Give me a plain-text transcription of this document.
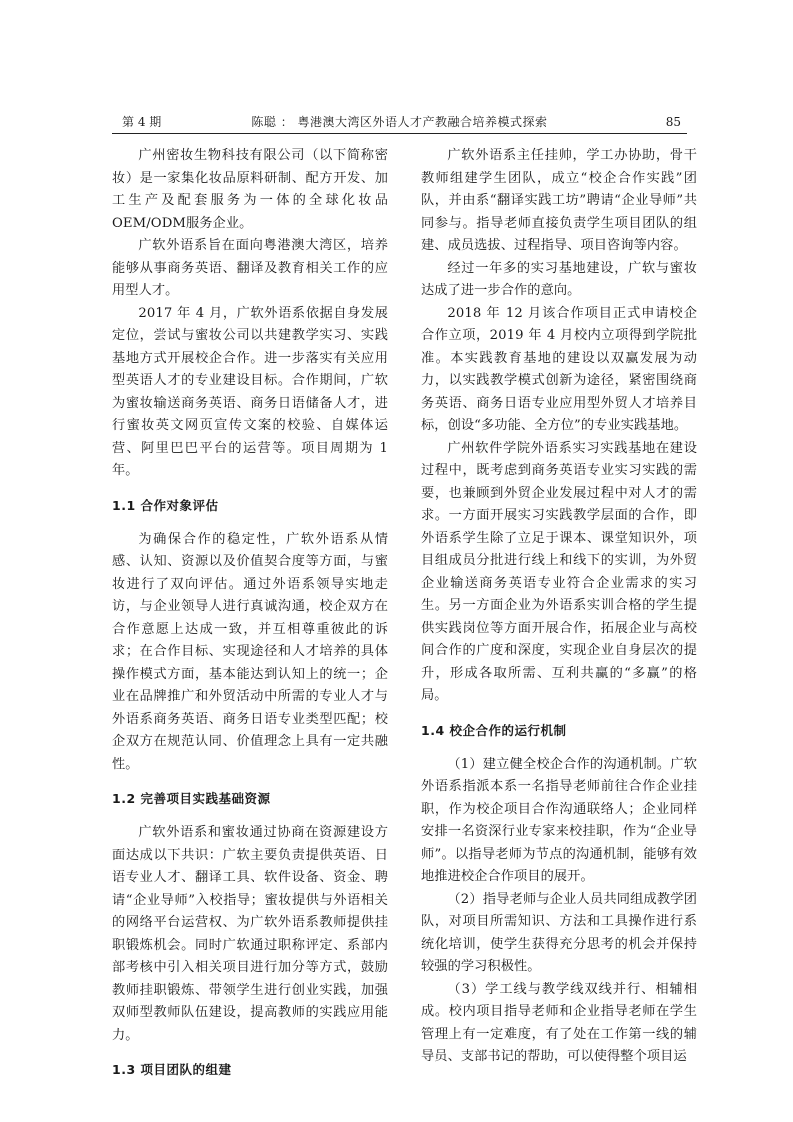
第 4 期	陈聪 ： 粤港澳大湾区外语人才产教融合培养模式探索	85

广州密妆生物科技有限公司（以下简称密妆）是一家集化妆品原料研制、配方开发、加工生产及配套服务为一体的全球化妆品OEM/ODM服务企业。

广软外语系旨在面向粤港澳大湾区，培养能够从事商务英语、翻译及教育相关工作的应用型人才。

2017 年 4 月，广软外语系依据自身发展定位，尝试与蜜妆公司以共建教学实习、实践基地方式开展校企合作。进一步落实有关应用型英语人才的专业建设目标。合作期间，广软为蜜妆输送商务英语、商务日语储备人才，进行蜜妆英文网页宣传文案的校验、自媒体运营、阿里巴巴平台的运营等。项目周期为 1 年。

1.1 合作对象评估

为确保合作的稳定性，广软外语系从情感、认知、资源以及价值契合度等方面，与蜜妆进行了双向评估。通过外语系领导实地走访，与企业领导人进行真诚沟通，校企双方在合作意愿上达成一致，并互相尊重彼此的诉求；在合作目标、实现途径和人才培养的具体操作模式方面，基本能达到认知上的统一；企业在品牌推广和外贸活动中所需的专业人才与外语系商务英语、商务日语专业类型匹配；校企双方在规范认同、价值理念上具有一定共融性。

1.2 完善项目实践基础资源

广软外语系和蜜妆通过协商在资源建设方面达成以下共识：广软主要负责提供英语、日语专业人才、翻译工具、软件设备、资金、聘请“企业导师”入校指导；蜜妆提供与外语相关的网络平台运营权、为广软外语系教师提供挂职锻炼机会。同时广软通过职称评定、系部内部考核中引入相关项目进行加分等方式，鼓励教师挂职锻炼、带领学生进行创业实践，加强双师型教师队伍建设，提高教师的实践应用能力。

1.3 项目团队的组建

广软外语系主任挂帅，学工办协助，骨干教师组建学生团队，成立“校企合作实践”团队，并由系“翻译实践工坊”聘请“企业导师”共同参与。指导老师直接负责学生项目团队的组建、成员选拔、过程指导、项目咨询等内容。

经过一年多的实习基地建设，广软与蜜妆达成了进一步合作的意向。

2018 年 12 月该合作项目正式申请校企合作立项，2019 年 4 月校内立项得到学院批准。本实践教育基地的建设以双赢发展为动力，以实践教学模式创新为途径，紧密围绕商务英语、商务日语专业应用型外贸人才培养目标，创设“多功能、全方位”的专业实践基地。

广州软件学院外语系实习实践基地在建设过程中，既考虑到商务英语专业实习实践的需要，也兼顾到外贸企业发展过程中对人才的需求。一方面开展实习实践教学层面的合作，即外语系学生除了立足于课本、课堂知识外，项目组成员分批进行线上和线下的实训，为外贸企业输送商务英语专业符合企业需求的实习生。另一方面企业为外语系实训合格的学生提供实践岗位等方面开展合作，拓展企业与高校间合作的广度和深度，实现企业自身层次的提升，形成各取所需、互利共赢的“多赢”的格局。

1.4 校企合作的运行机制

（1）建立健全校企合作的沟通机制。广软外语系指派本系一名指导老师前往合作企业挂职，作为校企项目合作沟通联络人；企业同样安排一名资深行业专家来校挂职，作为“企业导师”。以指导老师为节点的沟通机制，能够有效地推进校企合作项目的展开。

（2）指导老师与企业人员共同组成教学团队，对项目所需知识、方法和工具操作进行系统化培训，使学生获得充分思考的机会并保持较强的学习积极性。

（3）学工线与教学线双线并行、相辅相成。校内项目指导老师和企业指导老师在学生管理上有一定难度，有了处在工作第一线的辅导员、支部书记的帮助，可以使得整个项目运
